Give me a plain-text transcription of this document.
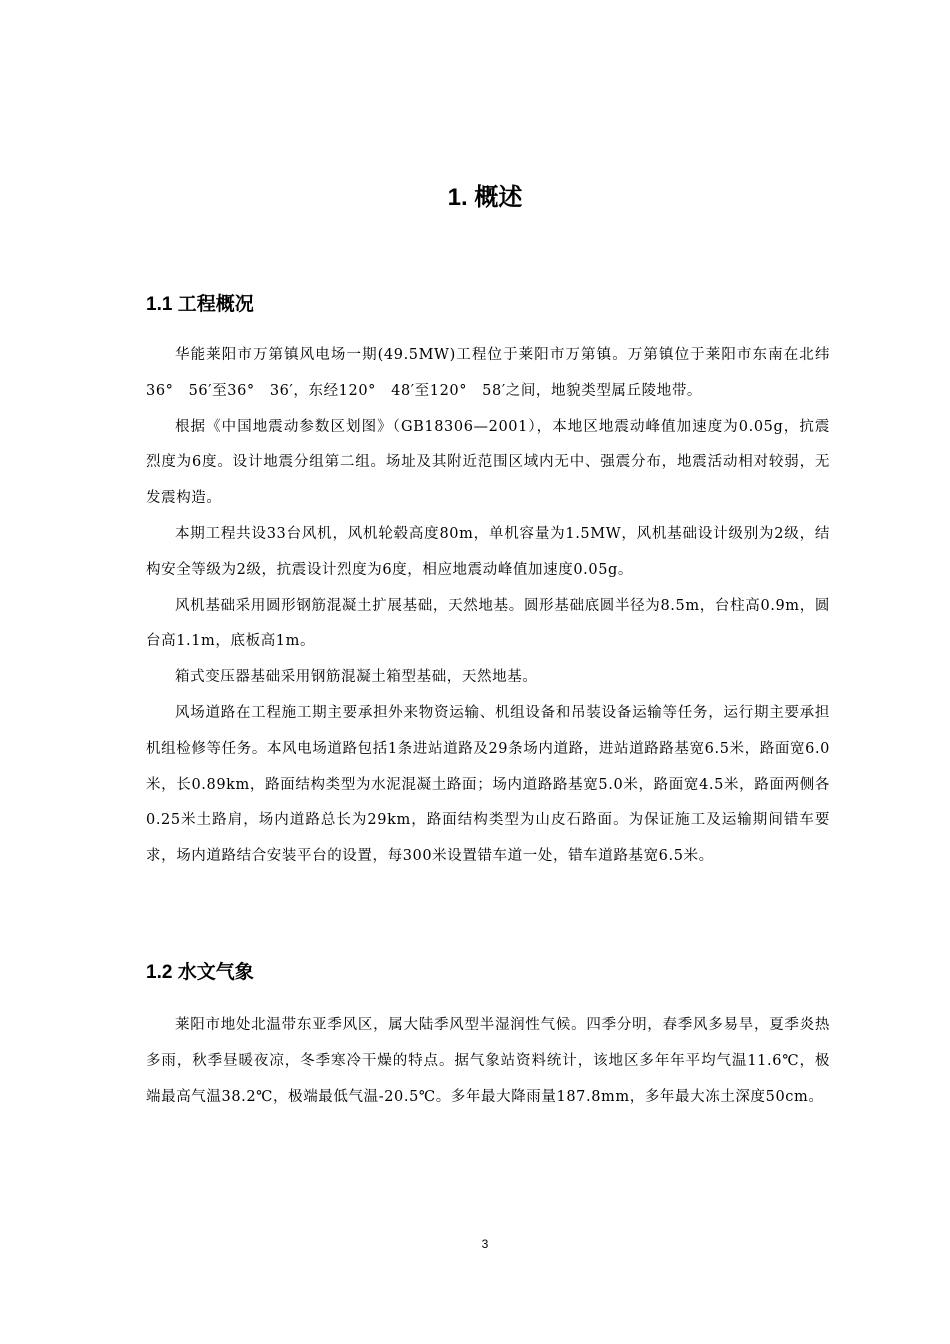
1. 概述
1.1 工程概况

华能莱阳市万第镇风电场一期(49.5MW)工程位于莱阳市万第镇。万第镇位于莱阳市东南在北纬36°　56′至36°　36′，东经120°　48′至120°　58′之间，地貌类型属丘陵地带。

根据《中国地震动参数区划图》（GB18306—2001），本地区地震动峰值加速度为0.05g，抗震烈度为6度。设计地震分组第二组。场址及其附近范围区域内无中、强震分布，地震活动相对较弱，无发震构造。

本期工程共设33台风机，风机轮毂高度80m，单机容量为1.5MW，风机基础设计级别为2级，结构安全等级为2级，抗震设计烈度为6度，相应地震动峰值加速度0.05g。

风机基础采用圆形钢筋混凝土扩展基础，天然地基。圆形基础底圆半径为8.5m，台柱高0.9m，圆台高1.1m，底板高1m。

箱式变压器基础采用钢筋混凝土箱型基础，天然地基。

风场道路在工程施工期主要承担外来物资运输、机组设备和吊装设备运输等任务，运行期主要承担机组检修等任务。本风电场道路包括1条进站道路及29条场内道路，进站道路路基宽6.5米，路面宽6.0米，长0.89km，路面结构类型为水泥混凝土路面；场内道路路基宽5.0米，路面宽4.5米，路面两侧各0.25米土路肩，场内道路总长为29km，路面结构类型为山皮石路面。为保证施工及运输期间错车要求，场内道路结合安装平台的设置，每300米设置错车道一处，错车道路基宽6.5米。

1.2 水文气象

莱阳市地处北温带东亚季风区，属大陆季风型半湿润性气候。四季分明，春季风多易旱，夏季炎热多雨，秋季昼暖夜凉，冬季寒冷干燥的特点。据气象站资料统计，该地区多年年平均气温11.6℃，极端最高气温38.2℃，极端最低气温-20.5℃。多年最大降雨量187.8mm，多年最大冻土深度50cm。

3
